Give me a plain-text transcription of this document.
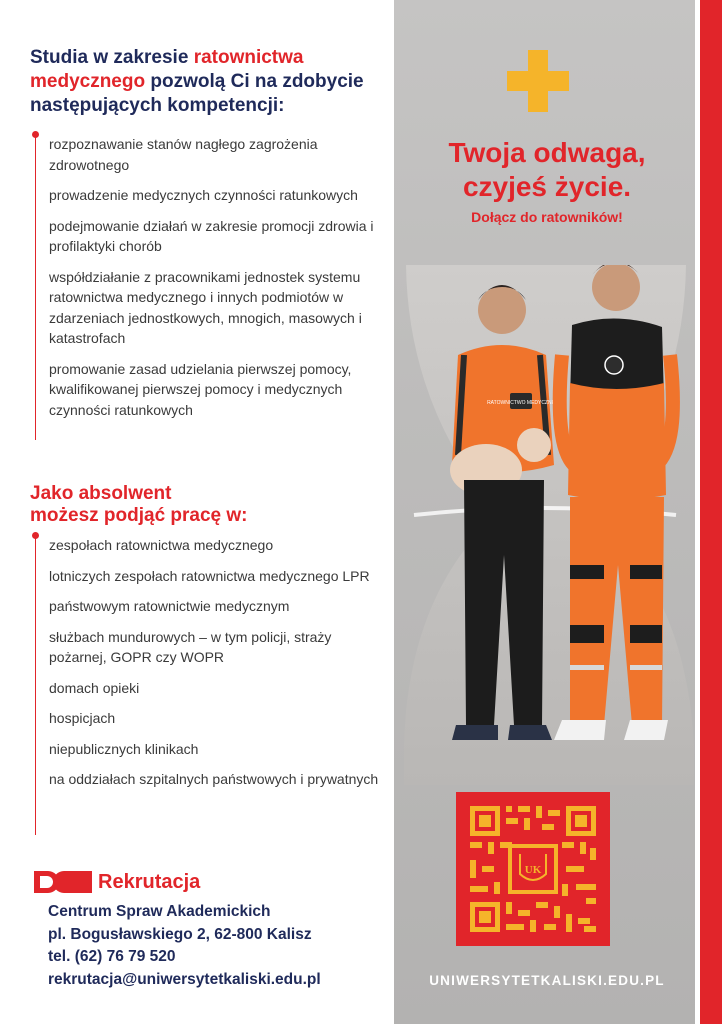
Studia w zakresie ratownictwa medycznego pozwolą Ci na zdobycie następujących kompetencji:
rozpoznawanie stanów nagłego zagrożenia zdrowotnego
prowadzenie medycznych czynności ratunkowych
podejmowanie działań w zakresie promocji zdrowia i profilaktyki chorób
współdziałanie z pracownikami jednostek systemu ratownictwa medycznego i innych podmiotów w zdarzeniach jednostkowych, mnogich, masowych i katastrofach
promowanie zasad udzielania pierwszej pomocy, kwalifikowanej pierwszej pomocy i medycznych czynności ratunkowych
Jako absolwent
możesz podjąć pracę w:
zespołach ratownictwa medycznego
lotniczych zespołach ratownictwa medycznego LPR
państwowym ratownictwie medycznym
służbach mundurowych – w tym policji, straży pożarnej, GOPR czy WOPR
domach opieki
hospicjach
niepublicznych klinikach
na oddziałach szpitalnych państwowych i prywatnych
Rekrutacja
Centrum Spraw Akademickich
pl. Bogusławskiego 2, 62-800 Kalisz
tel. (62) 76 79 520
rekrutacja@uniwersytetkaliski.edu.pl
Twoja odwaga,
czyjeś życie.
Dołącz do ratowników!
RATOWNICTWO MEDYCZNE
UK
UNIWERSYTETKALISKI.EDU.PL
